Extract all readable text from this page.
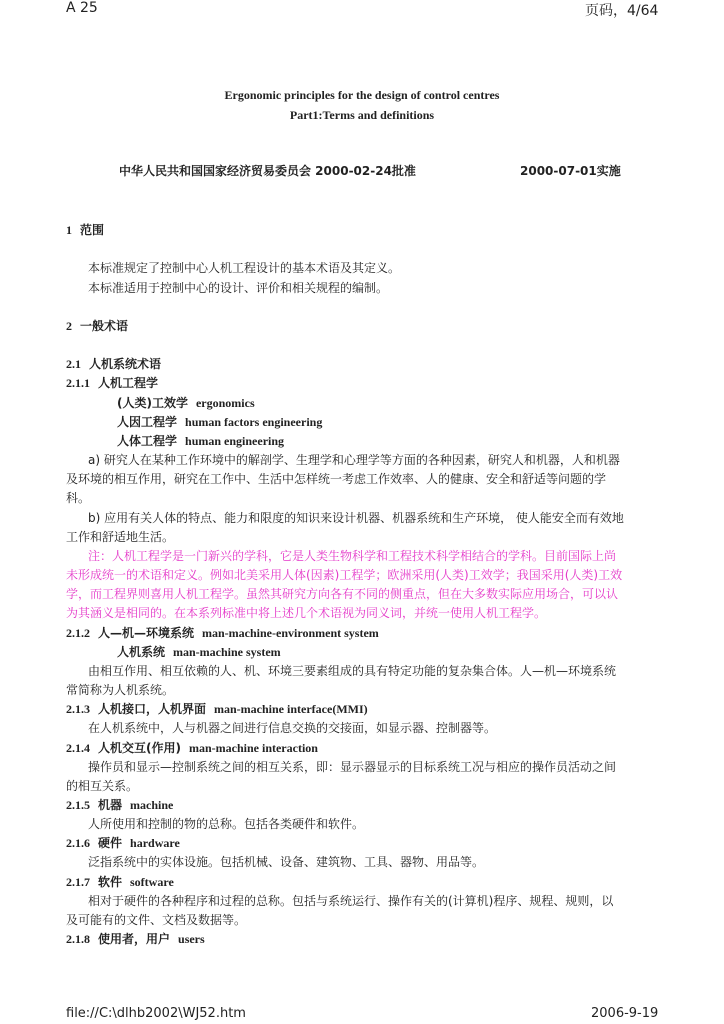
A 25	页码，4/64
Ergonomic principles for the design of control centres
Part1:Terms and definitions
中华人民共和国国家经济贸易委员会 2000-02-24批准	2000-07-01实施
1 范围
本标准规定了控制中心人机工程设计的基本术语及其定义。
本标准适用于控制中心的设计、评价和相关规程的编制。
2 一般术语
2.1 人机系统术语
2.1.1 人机工程学
(人类)工效学 ergonomics
人因工程学 human factors engineering
人体工程学 human engineering
a) 研究人在某种工作环境中的解剖学、生理学和心理学等方面的各种因素，研究人和机器，人和机器
及环境的相互作用，研究在工作中、生活中怎样统一考虑工作效率、人的健康、安全和舒适等问题的学
科。
b) 应用有关人体的特点、能力和限度的知识来设计机器、机器系统和生产环境， 使人能安全而有效地
工作和舒适地生活。
注：人机工程学是一门新兴的学科，它是人类生物科学和工程技术科学相结合的学科。目前国际上尚
未形成统一的术语和定义。例如北美采用人体(因素)工程学；欧洲采用(人类)工效学；我国采用(人类)工效
学，而工程界则喜用人机工程学。虽然其研究方向各有不同的侧重点，但在大多数实际应用场合，可以认
为其涵义是相同的。在本系列标准中将上述几个术语视为同义词，并统一使用人机工程学。
2.1.2 人—机—环境系统 man-machine-environment system
人机系统 man-machine system
由相互作用、相互依赖的人、机、环境三要素组成的具有特定功能的复杂集合体。人—机—环境系统
常简称为人机系统。
2.1.3 人机接口，人机界面 man-machine interface(MMI)
在人机系统中，人与机器之间进行信息交换的交接面，如显示器、控制器等。
2.1.4 人机交互(作用) man-machine interaction
操作员和显示—控制系统之间的相互关系，即：显示器显示的目标系统工况与相应的操作员活动之间
的相互关系。
2.1.5 机器 machine
人所使用和控制的物的总称。包括各类硬件和软件。
2.1.6 硬件 hardware
泛指系统中的实体设施。包括机械、设备、建筑物、工具、器物、用品等。
2.1.7 软件 software
相对于硬件的各种程序和过程的总称。包括与系统运行、操作有关的(计算机)程序、规程、规则，以
及可能有的文件、文档及数据等。
2.1.8 使用者，用户 users
file://C:\dlhb2002\WJ52.htm	2006-9-19
